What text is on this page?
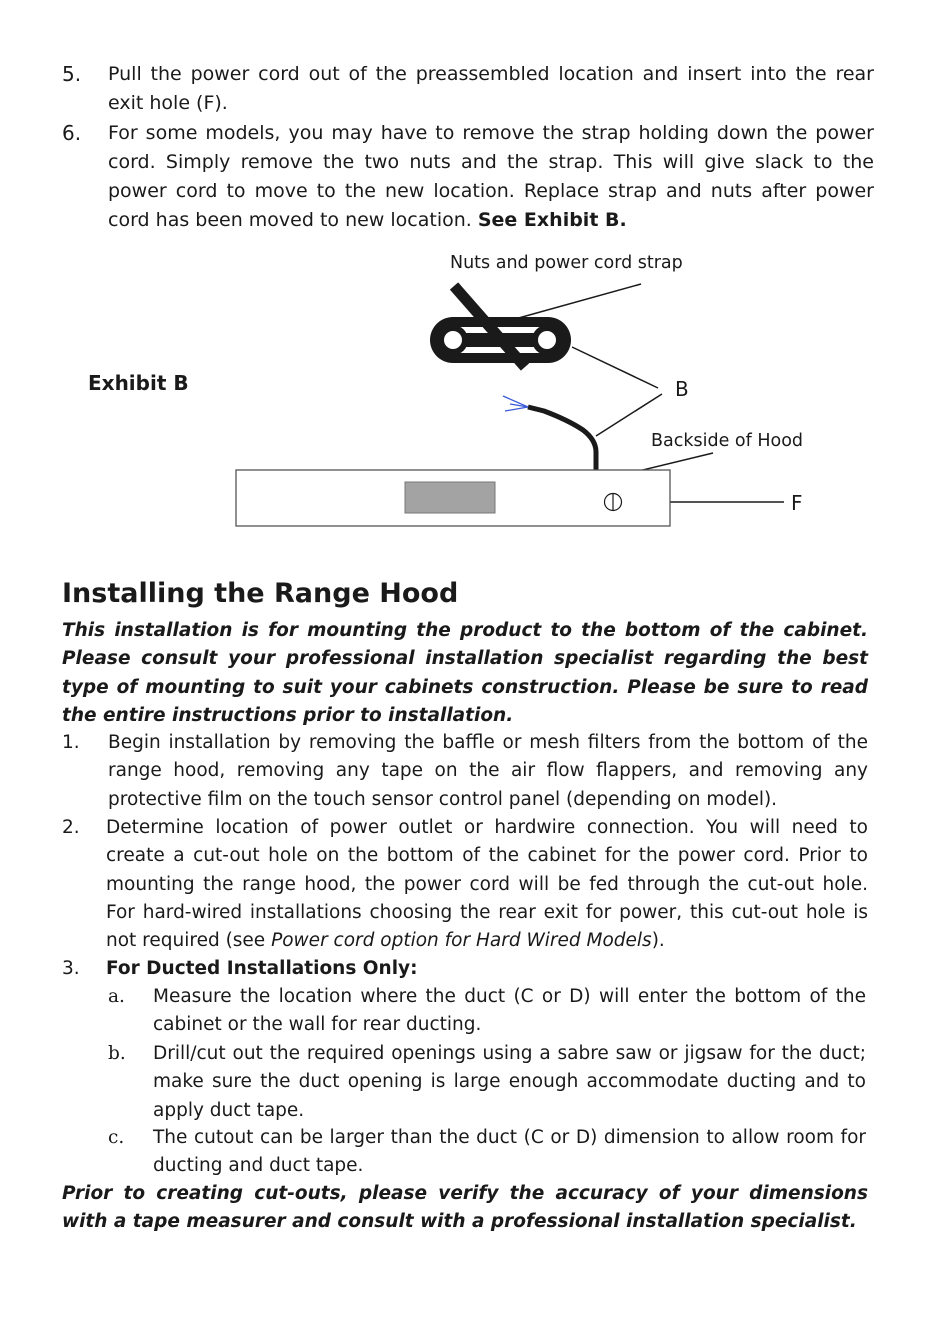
5. Pull the power cord out of the preassembled location and insert into the rear exit hole (F).
6. For some models, you may have to remove the strap holding down the power cord. Simply remove the two nuts and the strap. This will give slack to the power cord to move to the new location. Replace strap and nuts after power cord has been moved to new location. See Exhibit B.
Exhibit B
Nuts and power cord strap
B
Backside of Hood
F
Installing the Range Hood
This installation is for mounting the product to the bottom of the cabinet. Please consult your professional installation specialist regarding the best type of mounting to suit your cabinets construction. Please be sure to read the entire instructions prior to installation.
1. Begin installation by removing the baffle or mesh filters from the bottom of the range hood, removing any tape on the air flow flappers, and removing any protective film on the touch sensor control panel (depending on model).
2. Determine location of power outlet or hardwire connection. You will need to create a cut-out hole on the bottom of the cabinet for the power cord. Prior to mounting the range hood, the power cord will be fed through the cut-out hole. For hard-wired installations choosing the rear exit for power, this cut-out hole is not required (see Power cord option for Hard Wired Models).
3. For Ducted Installations Only:
a. Measure the location where the duct (C or D) will enter the bottom of the cabinet or the wall for rear ducting.
b. Drill/cut out the required openings using a sabre saw or jigsaw for the duct; make sure the duct opening is large enough accommodate ducting and to apply duct tape.
c. The cutout can be larger than the duct (C or D) dimension to allow room for ducting and duct tape.
Prior to creating cut-outs, please verify the accuracy of your dimensions with a tape measurer and consult with a professional installation specialist.
